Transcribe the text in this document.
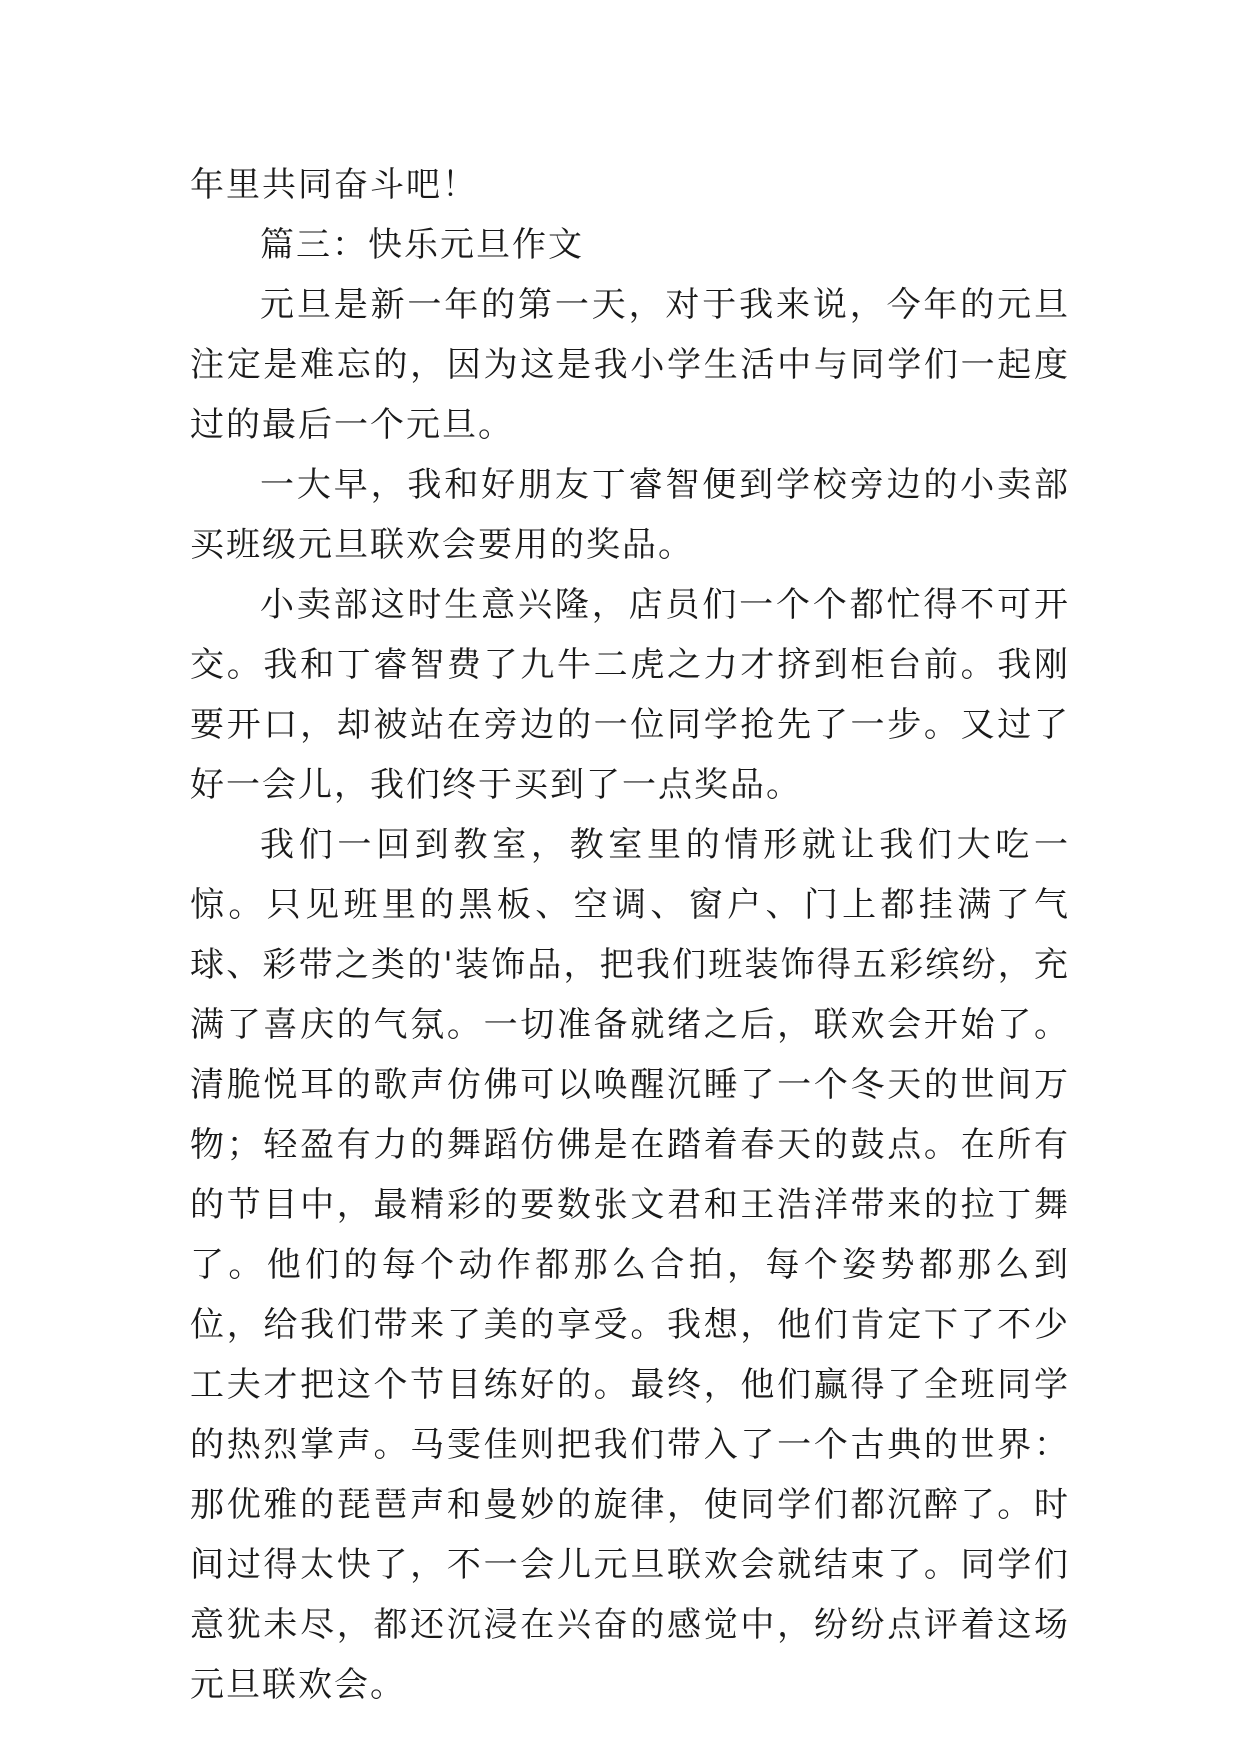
年里共同奋斗吧！

篇三：快乐元旦作文

元旦是新一年的第一天，对于我来说，今年的元旦注定是难忘的，因为这是我小学生活中与同学们一起度过的最后一个元旦。

一大早，我和好朋友丁睿智便到学校旁边的小卖部买班级元旦联欢会要用的奖品。

小卖部这时生意兴隆，店员们一个个都忙得不可开交。我和丁睿智费了九牛二虎之力才挤到柜台前。我刚要开口，却被站在旁边的一位同学抢先了一步。又过了好一会儿，我们终于买到了一点奖品。

我们一回到教室，教室里的情形就让我们大吃一惊。只见班里的黑板、空调、窗户、门上都挂满了气球、彩带之类的'装饰品，把我们班装饰得五彩缤纷，充满了喜庆的气氛。一切准备就绪之后，联欢会开始了。清脆悦耳的歌声仿佛可以唤醒沉睡了一个冬天的世间万物；轻盈有力的舞蹈仿佛是在踏着春天的鼓点。在所有的节目中，最精彩的要数张文君和王浩洋带来的拉丁舞了。他们的每个动作都那么合拍，每个姿势都那么到位，给我们带来了美的享受。我想，他们肯定下了不少工夫才把这个节目练好的。最终，他们赢得了全班同学的热烈掌声。马雯佳则把我们带入了一个古典的世界：那优雅的琵琶声和曼妙的旋律，使同学们都沉醉了。时间过得太快了，不一会儿元旦联欢会就结束了。同学们意犹未尽，都还沉浸在兴奋的感觉中，纷纷点评着这场元旦联欢会。
